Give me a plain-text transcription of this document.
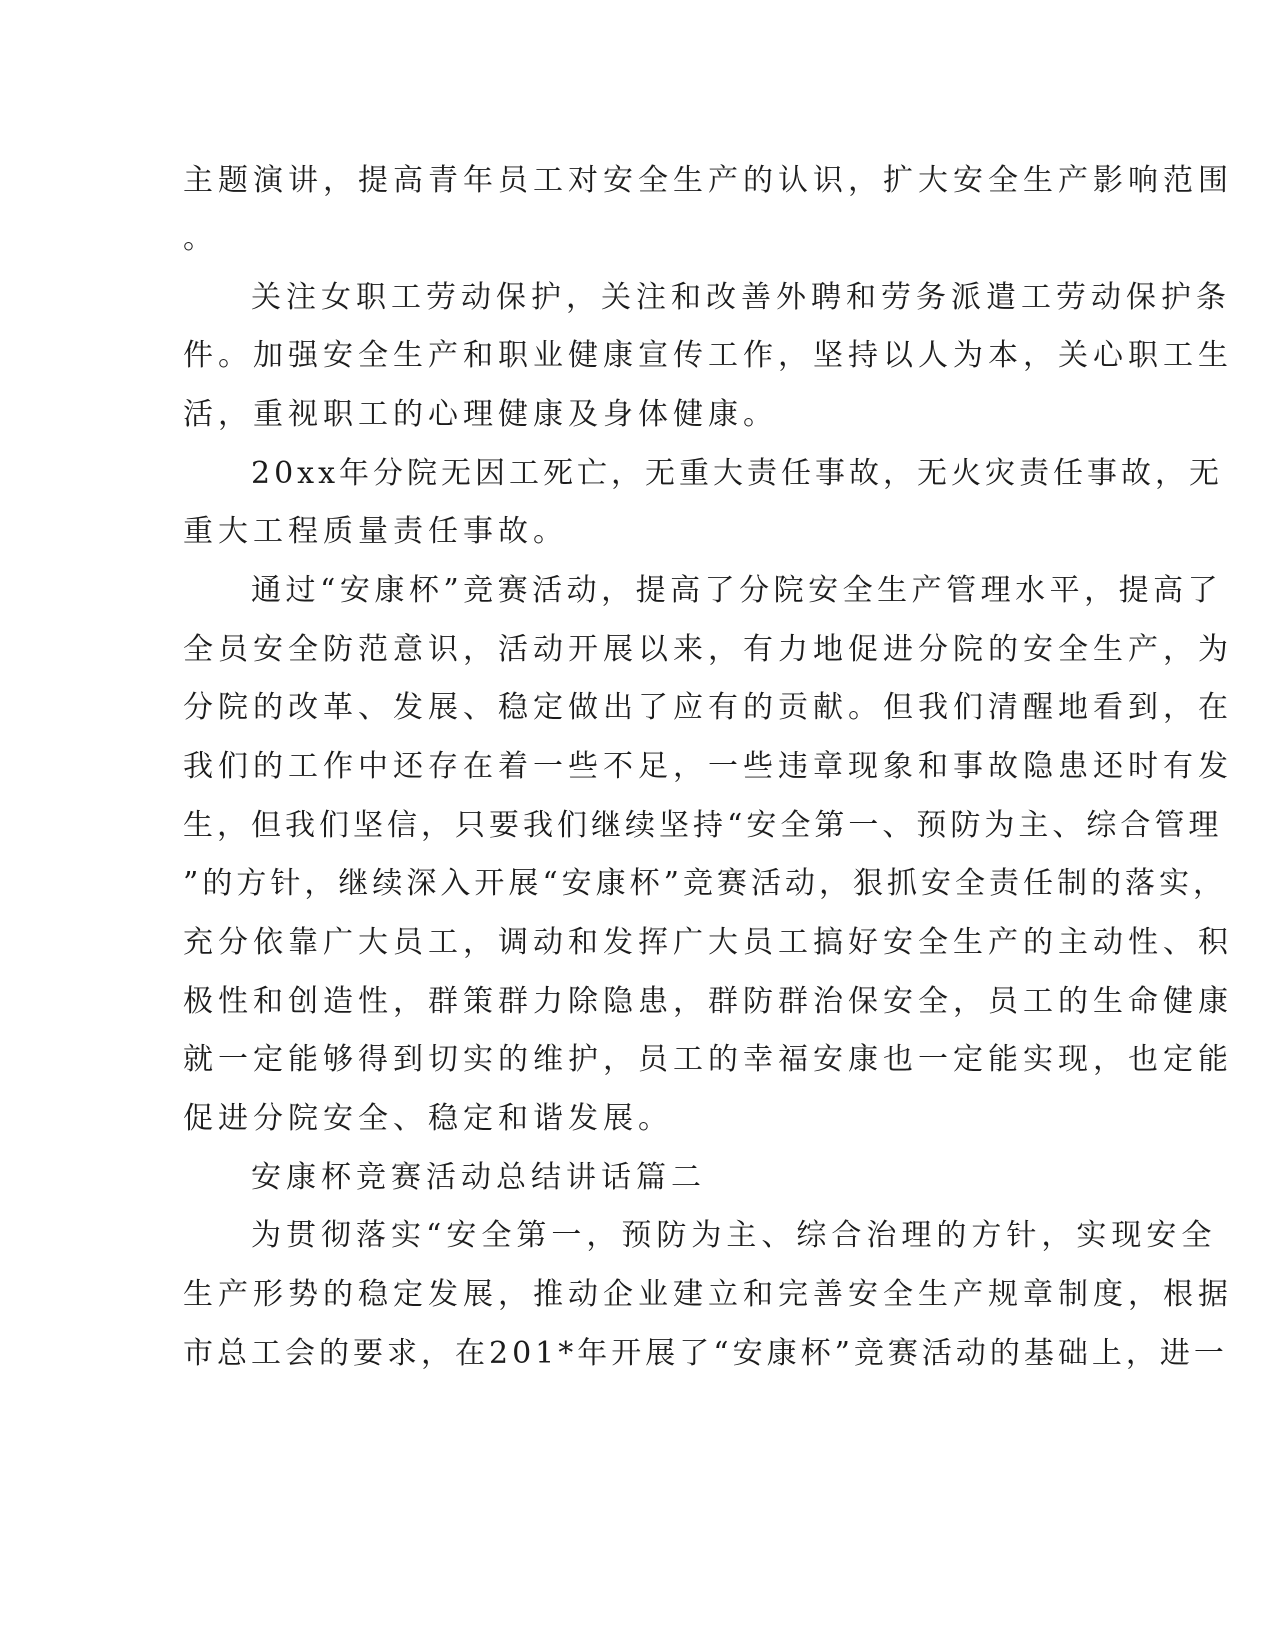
主题演讲，提高青年员工对安全生产的认识，扩大安全生产影响范围

。

关注女职工劳动保护，关注和改善外聘和劳务派遣工劳动保护条

件。加强安全生产和职业健康宣传工作，坚持以人为本，关心职工生

活，重视职工的心理健康及身体健康。

20xx年分院无因工死亡，无重大责任事故，无火灾责任事故，无

重大工程质量责任事故。

通过“安康杯”竞赛活动，提高了分院安全生产管理水平，提高了

全员安全防范意识，活动开展以来，有力地促进分院的安全生产，为

分院的改革、发展、稳定做出了应有的贡献。但我们清醒地看到，在

我们的工作中还存在着一些不足，一些违章现象和事故隐患还时有发

生，但我们坚信，只要我们继续坚持“安全第一、预防为主、综合管理

”的方针，继续深入开展“安康杯”竞赛活动，狠抓安全责任制的落实，

充分依靠广大员工，调动和发挥广大员工搞好安全生产的主动性、积

极性和创造性，群策群力除隐患，群防群治保安全，员工的生命健康

就一定能够得到切实的维护，员工的幸福安康也一定能实现，也定能

促进分院安全、稳定和谐发展。

安康杯竞赛活动总结讲话篇二

为贯彻落实“安全第一，预防为主、综合治理的方针，实现安全

生产形势的稳定发展，推动企业建立和完善安全生产规章制度，根据

市总工会的要求，在201*年开展了“安康杯”竞赛活动的基础上，进一
